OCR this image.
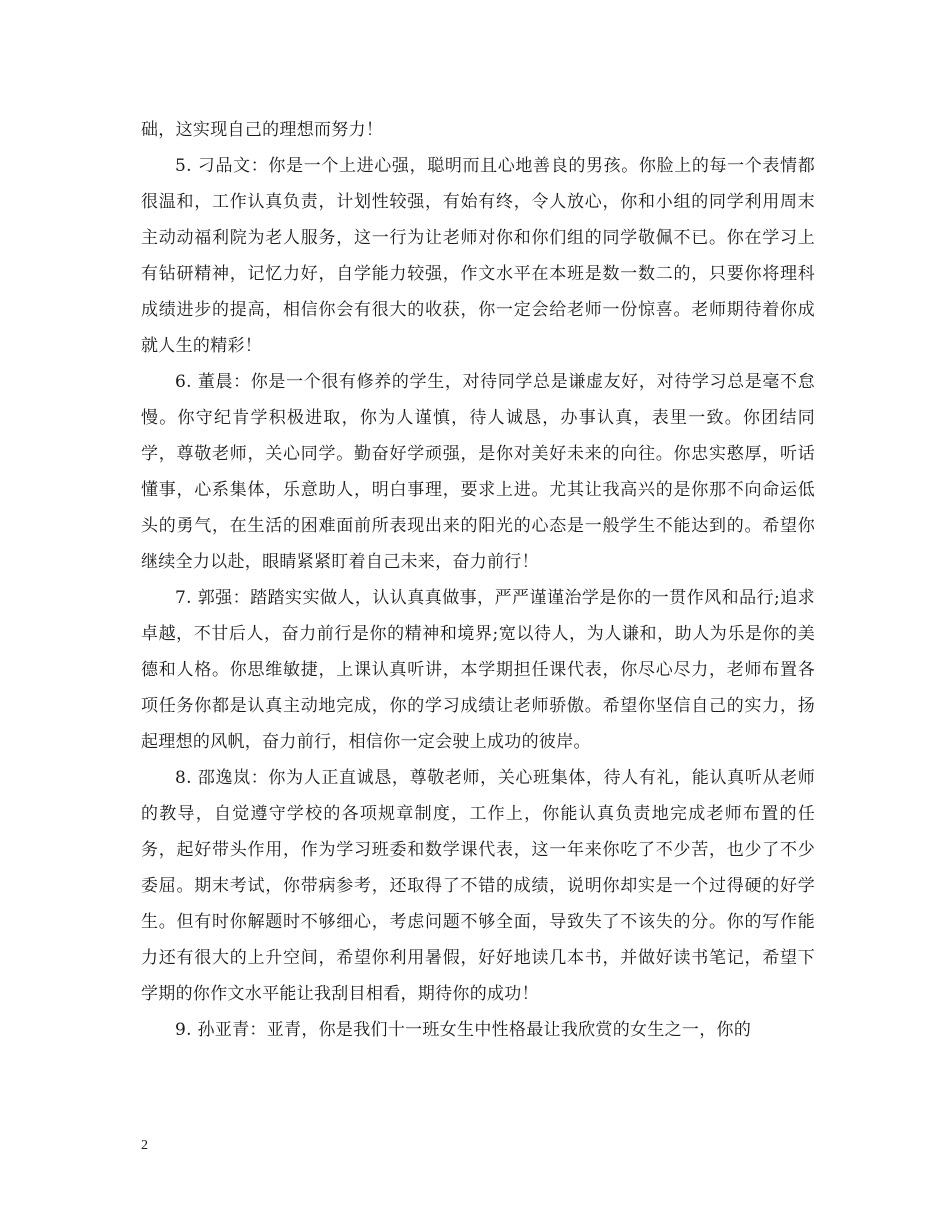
础，这实现自己的理想而努力！

5. 刁品文：你是一个上进心强，聪明而且心地善良的男孩。你脸上的每一个表情都很温和，工作认真负责，计划性较强，有始有终，令人放心，你和小组的同学利用周末主动动福利院为老人服务，这一行为让老师对你和你们组的同学敬佩不已。你在学习上有钻研精神，记忆力好，自学能力较强，作文水平在本班是数一数二的，只要你将理科成绩进步的提高，相信你会有很大的收获，你一定会给老师一份惊喜。老师期待着你成就人生的精彩！

6. 董晨：你是一个很有修养的学生，对待同学总是谦虚友好，对待学习总是毫不怠慢。你守纪肯学积极进取，你为人谨慎，待人诚恳，办事认真，表里一致。你团结同学，尊敬老师，关心同学。勤奋好学顽强，是你对美好未来的向往。你忠实憨厚，听话懂事，心系集体，乐意助人，明白事理，要求上进。尤其让我高兴的是你那不向命运低头的勇气，在生活的困难面前所表现出来的阳光的心态是一般学生不能达到的。希望你继续全力以赴，眼睛紧紧盯着自己未来，奋力前行！

7. 郭强：踏踏实实做人，认认真真做事，严严谨谨治学是你的一贯作风和品行;追求卓越，不甘后人，奋力前行是你的精神和境界;宽以待人，为人谦和，助人为乐是你的美德和人格。你思维敏捷，上课认真听讲，本学期担任课代表，你尽心尽力，老师布置各项任务你都是认真主动地完成，你的学习成绩让老师骄傲。希望你坚信自己的实力，扬起理想的风帆，奋力前行，相信你一定会驶上成功的彼岸。

8. 邵逸岚：你为人正直诚恳，尊敬老师，关心班集体，待人有礼，能认真听从老师的教导，自觉遵守学校的各项规章制度，工作上，你能认真负责地完成老师布置的任务，起好带头作用，作为学习班委和数学课代表，这一年来你吃了不少苦，也少了不少委屈。期末考试，你带病参考，还取得了不错的成绩，说明你却实是一个过得硬的好学生。但有时你解题时不够细心，考虑问题不够全面，导致失了不该失的分。你的写作能力还有很大的上升空间，希望你利用暑假，好好地读几本书，并做好读书笔记，希望下学期的你作文水平能让我刮目相看，期待你的成功！

9. 孙亚青：亚青，你是我们十一班女生中性格最让我欣赏的女生之一，你的

2
